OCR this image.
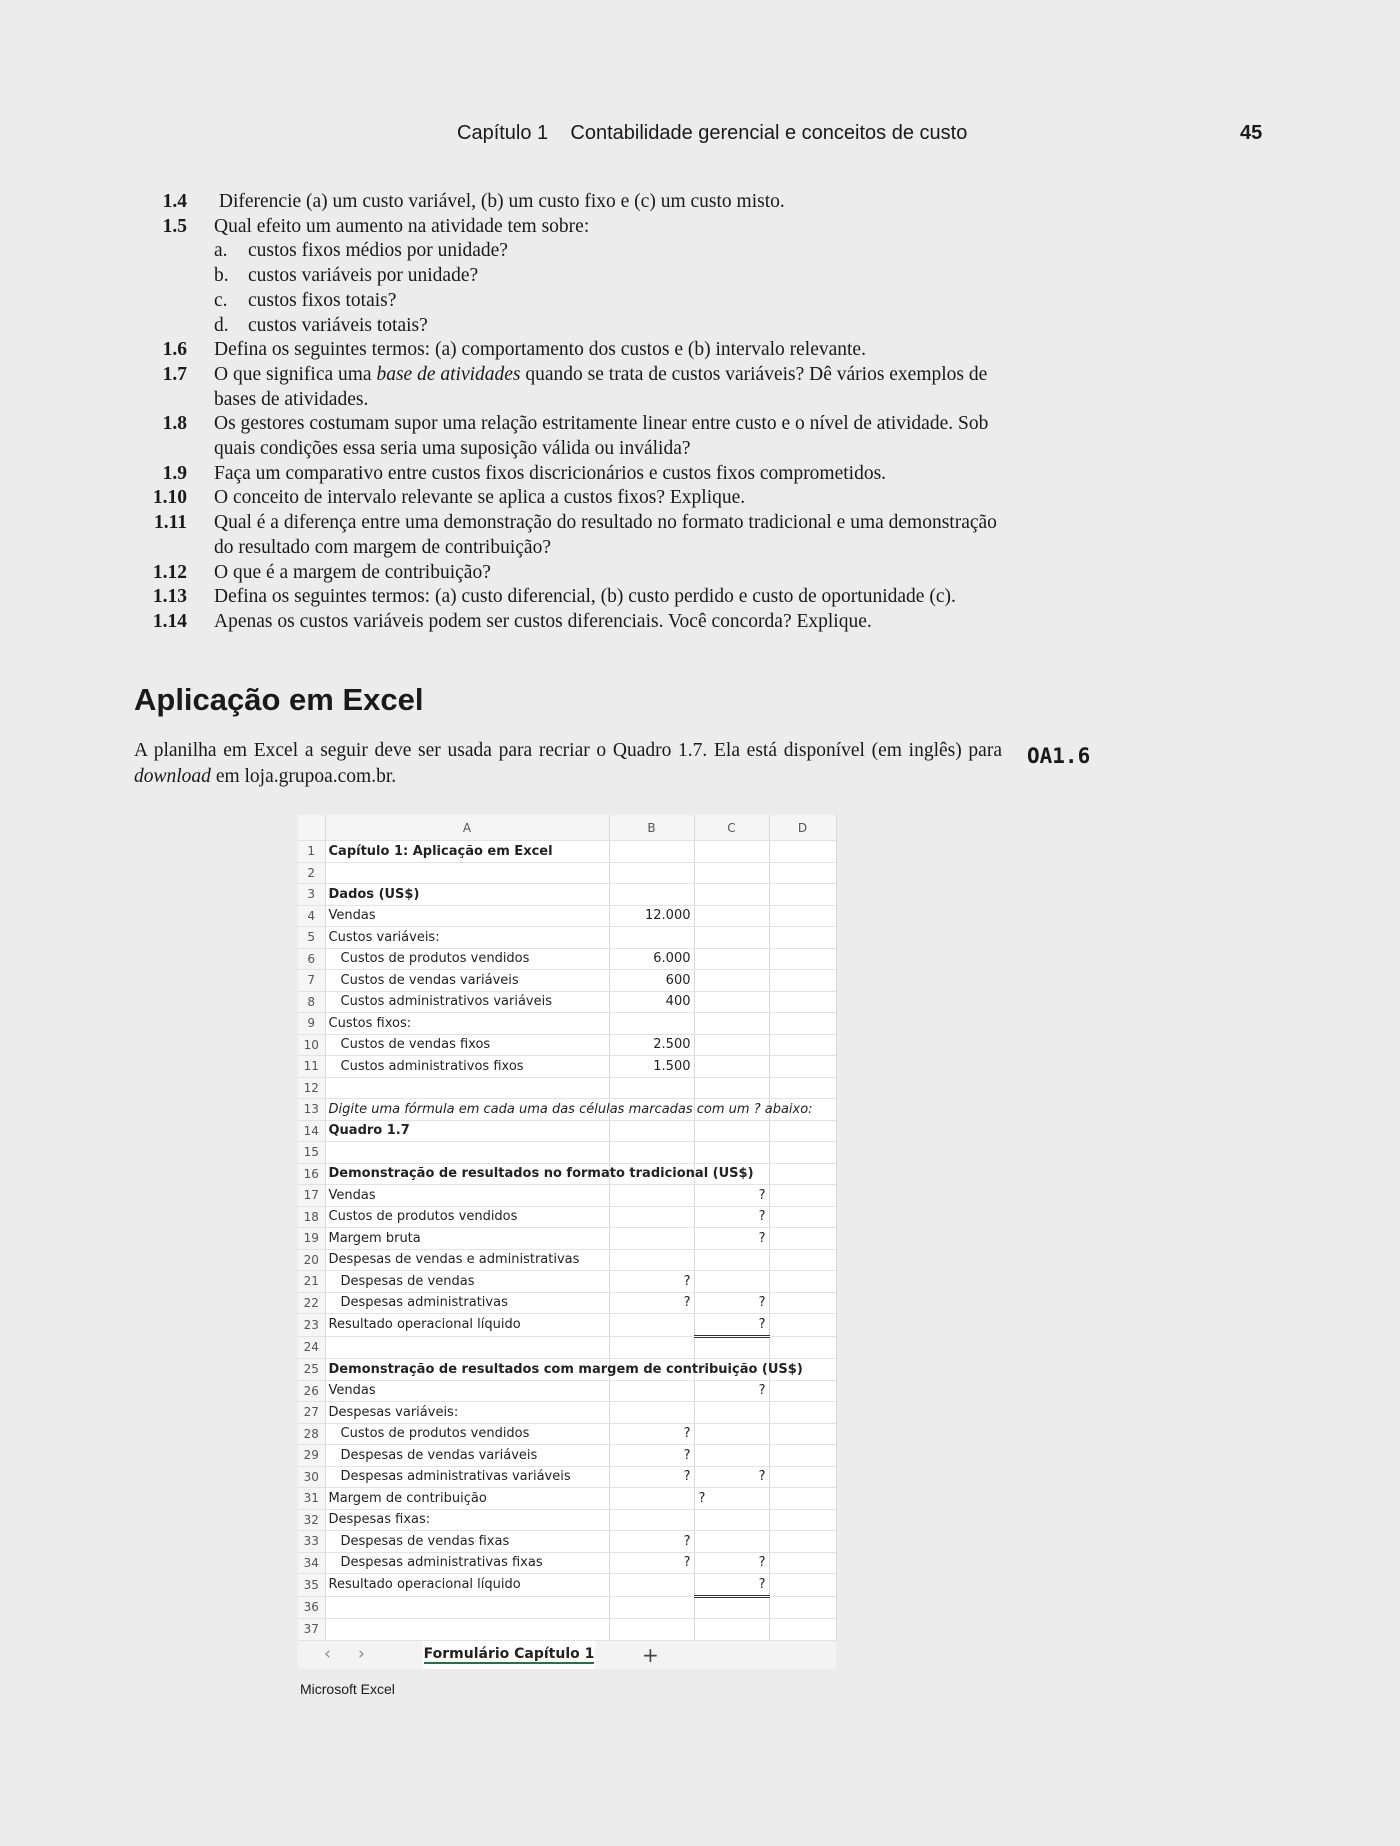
Capítulo 1    Contabilidade gerencial e conceitos de custo	45
1.4 Diferencie (a) um custo variável, (b) um custo fixo e (c) um custo misto.
1.5 Qual efeito um aumento na atividade tem sobre:
a. custos fixos médios por unidade?
b. custos variáveis por unidade?
c. custos fixos totais?
d. custos variáveis totais?
1.6 Defina os seguintes termos: (a) comportamento dos custos e (b) intervalo relevante.
1.7 O que significa uma base de atividades quando se trata de custos variáveis? Dê vários exemplos de bases de atividades.
1.8 Os gestores costumam supor uma relação estritamente linear entre custo e o nível de atividade. Sob quais condições essa seria uma suposição válida ou inválida?
1.9 Faça um comparativo entre custos fixos discricionários e custos fixos comprometidos.
1.10 O conceito de intervalo relevante se aplica a custos fixos? Explique.
1.11 Qual é a diferença entre uma demonstração do resultado no formato tradicional e uma demonstração do resultado com margem de contribuição?
1.12 O que é a margem de contribuição?
1.13 Defina os seguintes termos: (a) custo diferencial, (b) custo perdido e custo de oportunidade (c).
1.14 Apenas os custos variáveis podem ser custos diferenciais. Você concorda? Explique.
Aplicação em Excel

A planilha em Excel a seguir deve ser usada para recriar o Quadro 1.7. Ela está disponível (em inglês) para download em loja.grupoa.com.br.

OA1.6
	A	B	C	D
1	Capítulo 1: Aplicação em Excel			
2				
3	Dados (US$)			
4	Vendas	12.000		
5	Custos variáveis:			
6	Custos de produtos vendidos	6.000		
7	Custos de vendas variáveis	600		
8	Custos administrativos variáveis	400		
9	Custos fixos:			
10	Custos de vendas fixos	2.500		
11	Custos administrativos fixos	1.500		
12				
13	Digite uma fórmula em cada uma das células marcadas com um ? abaixo:			
14	Quadro 1.7			
15				
16	Demonstração de resultados no formato tradicional (US$)			
17	Vendas		?	
18	Custos de produtos vendidos		?	
19	Margem bruta		?	
20	Despesas de vendas e administrativas			
21	Despesas de vendas	?		
22	Despesas administrativas	?	?	
23	Resultado operacional líquido		?	
24				
25	Demonstração de resultados com margem de contribuição (US$)			
26	Vendas		?	
27	Despesas variáveis:			
28	Custos de produtos vendidos	?		
29	Despesas de vendas variáveis	?		
30	Despesas administrativas variáveis	?	?	
31	Margem de contribuição		?	
32	Despesas fixas:			
33	Despesas de vendas fixas	?		
34	Despesas administrativas fixas	?	?	
35	Resultado operacional líquido		?	
36				
37				
‹ ›	Formulário Capítulo 1 +
Microsoft Excel
